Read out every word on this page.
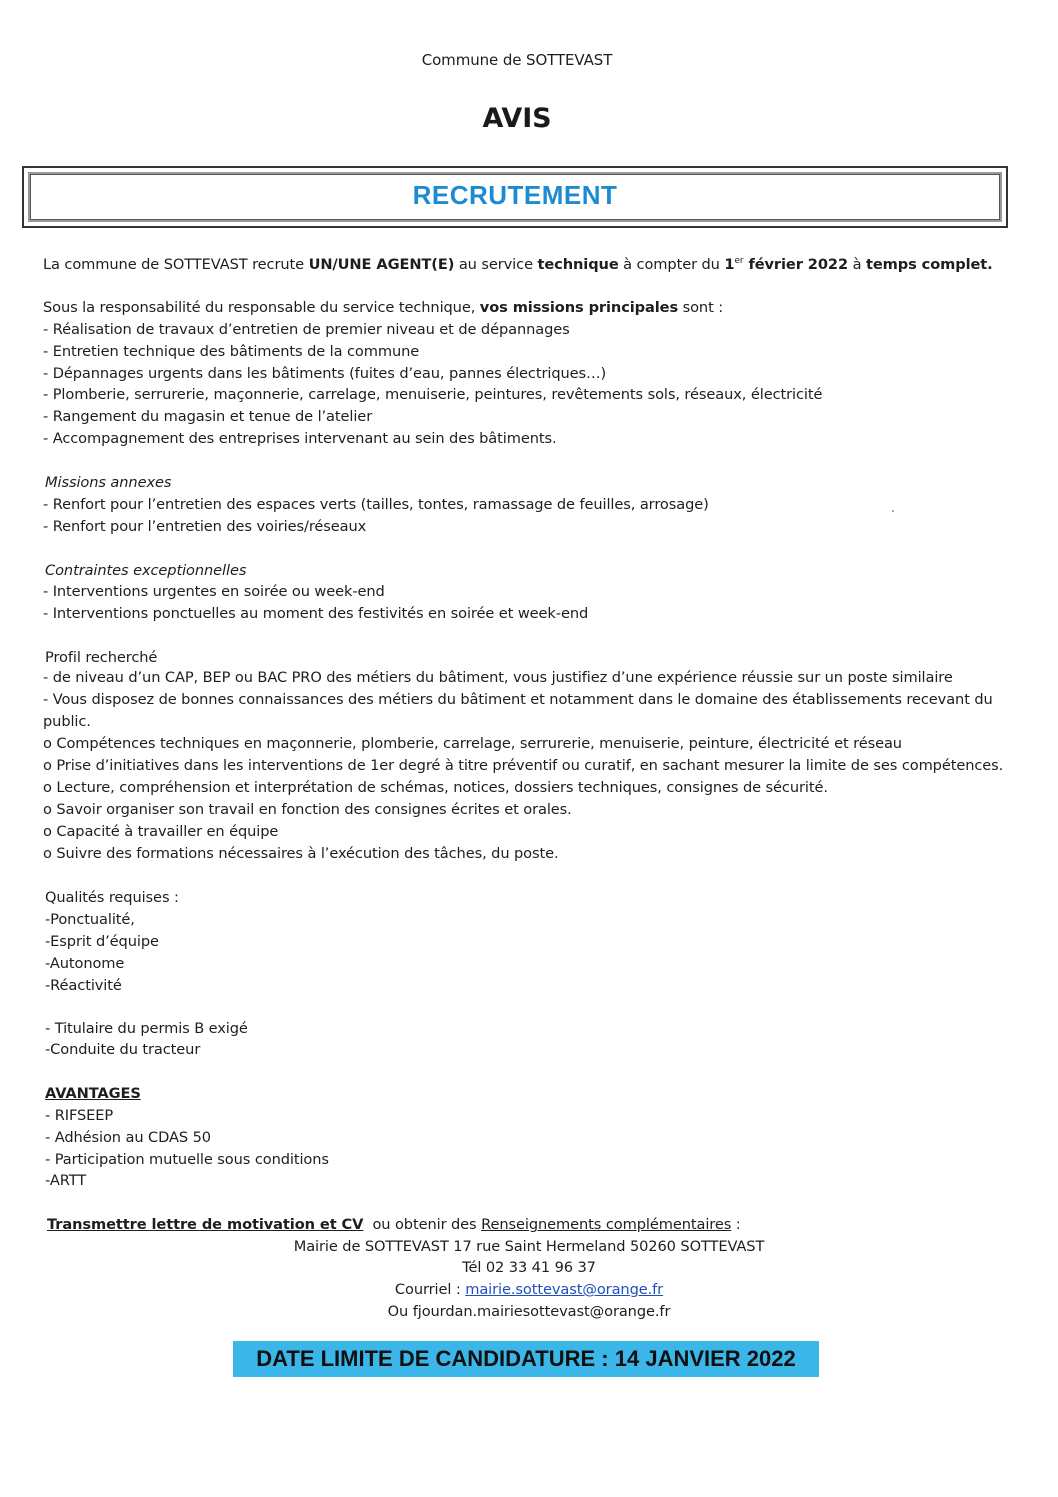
Commune de SOTTEVAST
AVIS
RECRUTEMENT
La commune de SOTTEVAST recrute UN/UNE AGENT(E) au service technique à compter du 1er février 2022 à temps complet.
Sous la responsabilité du responsable du service technique, vos missions principales sont :
- Réalisation de travaux d’entretien de premier niveau et de dépannages
- Entretien technique des bâtiments de la commune
- Dépannages urgents dans les bâtiments (fuites d’eau, pannes électriques…)
- Plomberie, serrurerie, maçonnerie, carrelage, menuiserie, peintures, revêtements sols, réseaux, électricité
- Rangement du magasin et tenue de l’atelier
- Accompagnement des entreprises intervenant au sein des bâtiments.
Missions annexes
- Renfort pour l’entretien des espaces verts (tailles, tontes, ramassage de feuilles, arrosage)
- Renfort pour l’entretien des voiries/réseaux
Contraintes exceptionnelles
- Interventions urgentes en soirée ou week-end
- Interventions ponctuelles au moment des festivités en soirée et week-end
Profil recherché
- de niveau d’un CAP, BEP ou BAC PRO des métiers du bâtiment, vous justifiez d’une expérience réussie sur un poste similaire
- Vous disposez de bonnes connaissances des métiers du bâtiment et notamment dans le domaine des établissements recevant du
public.
o Compétences techniques en maçonnerie, plomberie, carrelage, serrurerie, menuiserie, peinture, électricité et réseau
o Prise d’initiatives dans les interventions de 1er degré à titre préventif ou curatif, en sachant mesurer la limite de ses compétences.
o Lecture, compréhension et interprétation de schémas, notices, dossiers techniques, consignes de sécurité.
o Savoir organiser son travail en fonction des consignes écrites et orales.
o Capacité à travailler en équipe
o Suivre des formations nécessaires à l’exécution des tâches, du poste.
Qualités requises :
-Ponctualité,
-Esprit d’équipe
-Autonome
-Réactivité
- Titulaire du permis B exigé
-Conduite du tracteur
AVANTAGES
- RIFSEEP
- Adhésion au CDAS 50
- Participation mutuelle sous conditions
-ARTT
Transmettre lettre de motivation et CV  ou obtenir des Renseignements complémentaires :
Mairie de SOTTEVAST 17 rue Saint Hermeland 50260 SOTTEVAST
Tél 02 33 41 96 37
Courriel : mairie.sottevast@orange.fr
Ou fjourdan.mairiesottevast@orange.fr
DATE LIMITE DE CANDIDATURE : 14 JANVIER 2022
